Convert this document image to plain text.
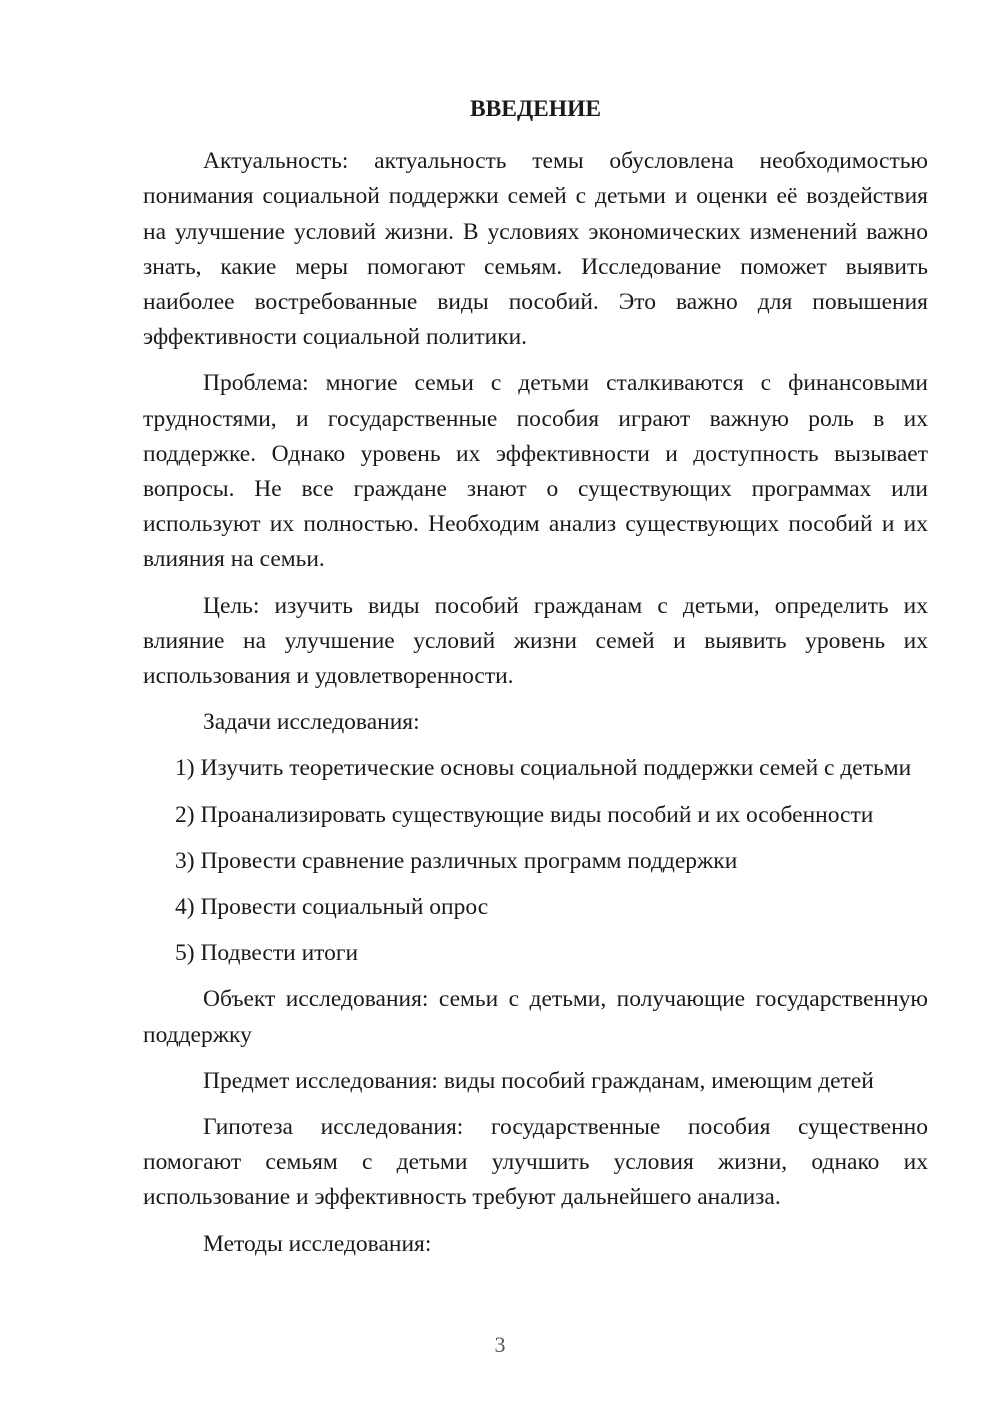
ВВЕДЕНИЕ

Актуальность: актуальность темы обусловлена необходимостью понимания социальной поддержки семей с детьми и оценки её воздействия на улучшение условий жизни. В условиях экономических изменений важно знать, какие меры помогают семьям. Исследование поможет выявить наиболее востребованные виды пособий. Это важно для повышения эффективности социальной политики.

Проблема: многие семьи с детьми сталкиваются с финансовыми трудностями, и государственные пособия играют важную роль в их поддержке. Однако уровень их эффективности и доступность вызывает вопросы. Не все граждане знают о существующих программах или используют их полностью. Необходим анализ существующих пособий и их влияния на семьи.

Цель: изучить виды пособий гражданам с детьми, определить их влияние на улучшение условий жизни семей и выявить уровень их использования и удовлетворенности.

Задачи исследования:

1) Изучить теоретические основы социальной поддержки семей с детьми

2) Проанализировать существующие виды пособий и их особенности

3) Провести сравнение различных программ поддержки

4) Провести социальный опрос

5) Подвести итоги

Объект исследования: семьи с детьми, получающие государственную поддержку

Предмет исследования: виды пособий гражданам, имеющим детей

Гипотеза исследования: государственные пособия существенно помогают семьям с детьми улучшить условия жизни, однако их использование и эффективность требуют дальнейшего анализа.

Методы исследования:

3
